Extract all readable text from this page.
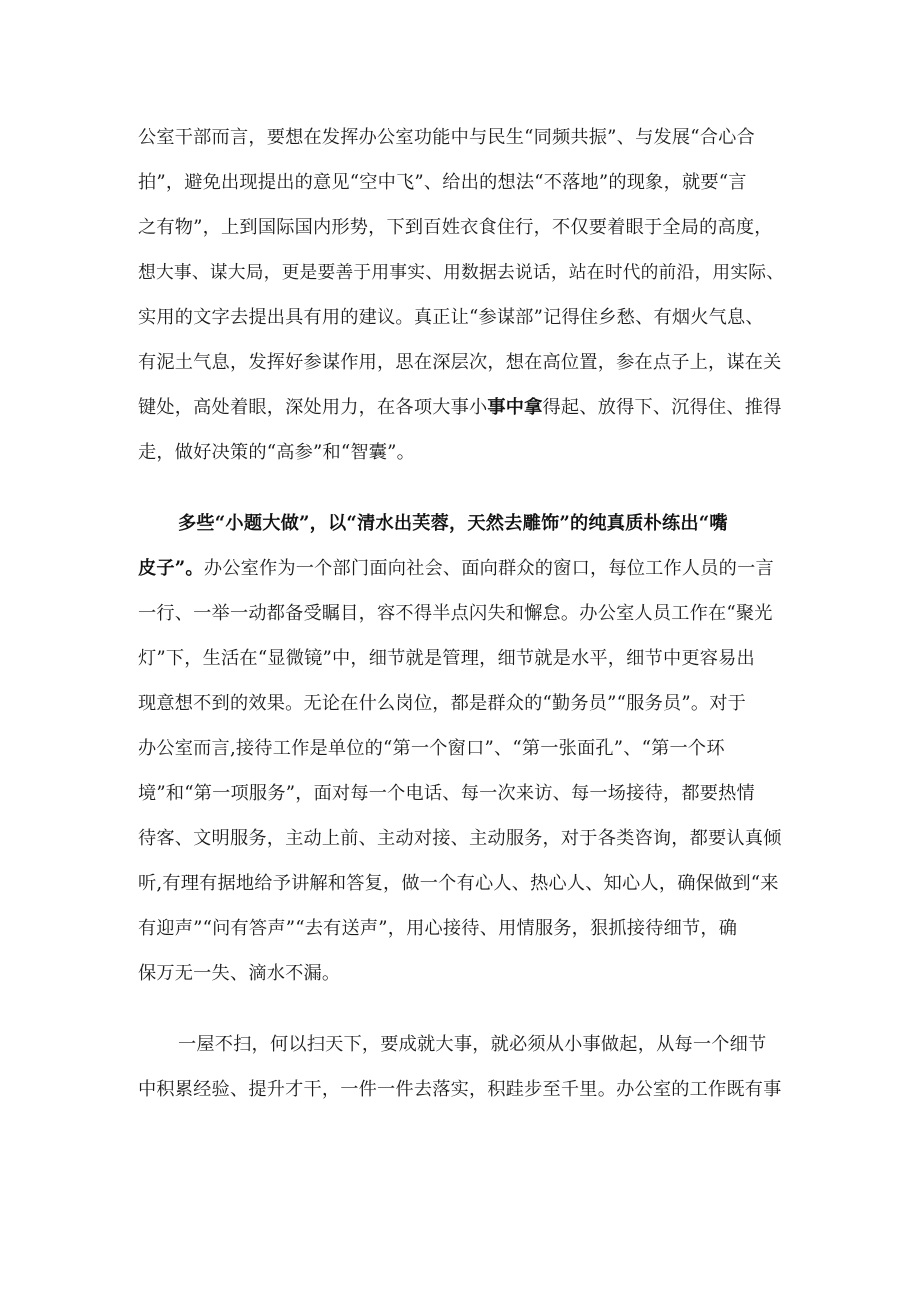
公室干部而言，要想在发挥办公室功能中与民生“同频共振”、与发展“合心合
拍”，避免出现提出的意见“空中飞”、给出的想法“不落地”的现象，就要“言
之有物”，上到国际国内形势，下到百姓衣食住行，不仅要着眼于全局的高度，
想大事、谋大局，更是要善于用事实、用数据去说话，站在时代的前沿，用实际、
实用的文字去提出具有用的建议。真正让“参谋部”记得住乡愁、有烟火气息、
有泥土气息，发挥好参谋作用，思在深层次，想在高位置，参在点子上，谋在关
键处，高处着眼，深处用力，在各项大事小事中拿得起、放得下、沉得住、推得
走，做好决策的“高参”和“智囊”。
多些“小题大做”，以“清水出芙蓉，天然去雕饰”的纯真质朴练出“嘴
皮子”。办公室作为一个部门面向社会、面向群众的窗口，每位工作人员的一言
一行、一举一动都备受瞩目，容不得半点闪失和懈怠。办公室人员工作在“聚光
灯”下，生活在“显微镜”中，细节就是管理，细节就是水平，细节中更容易出
现意想不到的效果。无论在什么岗位，都是群众的“勤务员”“服务员”。对于
办公室而言,接待工作是单位的“第一个窗口”、“第一张面孔”、“第一个环
境”和“第一项服务”，面对每一个电话、每一次来访、每一场接待，都要热情
待客、文明服务，主动上前、主动对接、主动服务，对于各类咨询，都要认真倾
听,有理有据地给予讲解和答复，做一个有心人、热心人、知心人，确保做到“来
有迎声”“问有答声”“去有送声”，用心接待、用情服务，狠抓接待细节，确
保万无一失、滴水不漏。
一屋不扫，何以扫天下，要成就大事，就必须从小事做起，从每一个细节
中积累经验、提升才干，一件一件去落实，积跬步至千里。办公室的工作既有事
